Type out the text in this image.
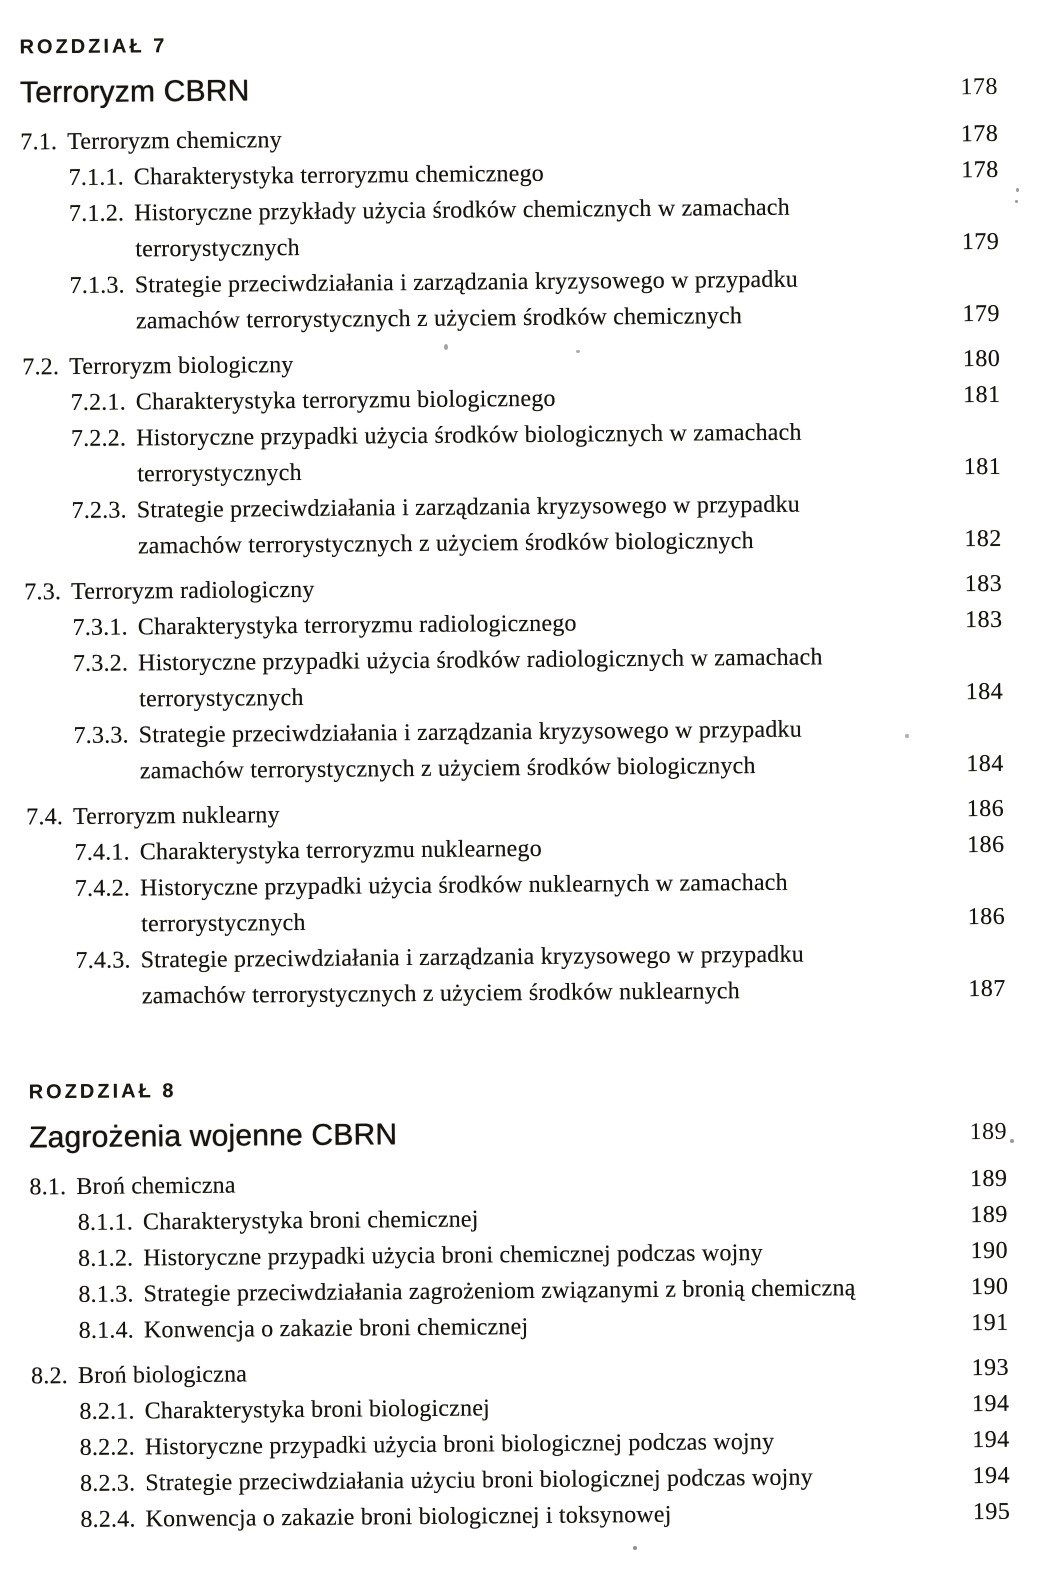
ROZDZIAŁ 7
Terroryzm CBRN	178
7.1. Terroryzm chemiczny	178
7.1.1. Charakterystyka terroryzmu chemicznego	178
7.1.2. Historyczne przykłady użycia środków chemicznych w zamachach
terrorystycznych	179
7.1.3. Strategie przeciwdziałania i zarządzania kryzysowego w przypadku
zamachów terrorystycznych z użyciem środków chemicznych	179
7.2. Terroryzm biologiczny	180
7.2.1. Charakterystyka terroryzmu biologicznego	181
7.2.2. Historyczne przypadki użycia środków biologicznych w zamachach
terrorystycznych	181
7.2.3. Strategie przeciwdziałania i zarządzania kryzysowego w przypadku
zamachów terrorystycznych z użyciem środków biologicznych	182
7.3. Terroryzm radiologiczny	183
7.3.1. Charakterystyka terroryzmu radiologicznego	183
7.3.2. Historyczne przypadki użycia środków radiologicznych w zamachach
terrorystycznych	184
7.3.3. Strategie przeciwdziałania i zarządzania kryzysowego w przypadku
zamachów terrorystycznych z użyciem środków biologicznych	184
7.4. Terroryzm nuklearny	186
7.4.1. Charakterystyka terroryzmu nuklearnego	186
7.4.2. Historyczne przypadki użycia środków nuklearnych w zamachach
terrorystycznych	186
7.4.3. Strategie przeciwdziałania i zarządzania kryzysowego w przypadku
zamachów terrorystycznych z użyciem środków nuklearnych	187
ROZDZIAŁ 8
Zagrożenia wojenne CBRN	189
8.1. Broń chemiczna	189
8.1.1. Charakterystyka broni chemicznej	189
8.1.2. Historyczne przypadki użycia broni chemicznej podczas wojny	190
8.1.3. Strategie przeciwdziałania zagrożeniom związanymi z bronią chemiczną	190
8.1.4. Konwencja o zakazie broni chemicznej	191
8.2. Broń biologiczna	193
8.2.1. Charakterystyka broni biologicznej	194
8.2.2. Historyczne przypadki użycia broni biologicznej podczas wojny	194
8.2.3. Strategie przeciwdziałania użyciu broni biologicznej podczas wojny	194
8.2.4. Konwencja o zakazie broni biologicznej i toksynowej	195
